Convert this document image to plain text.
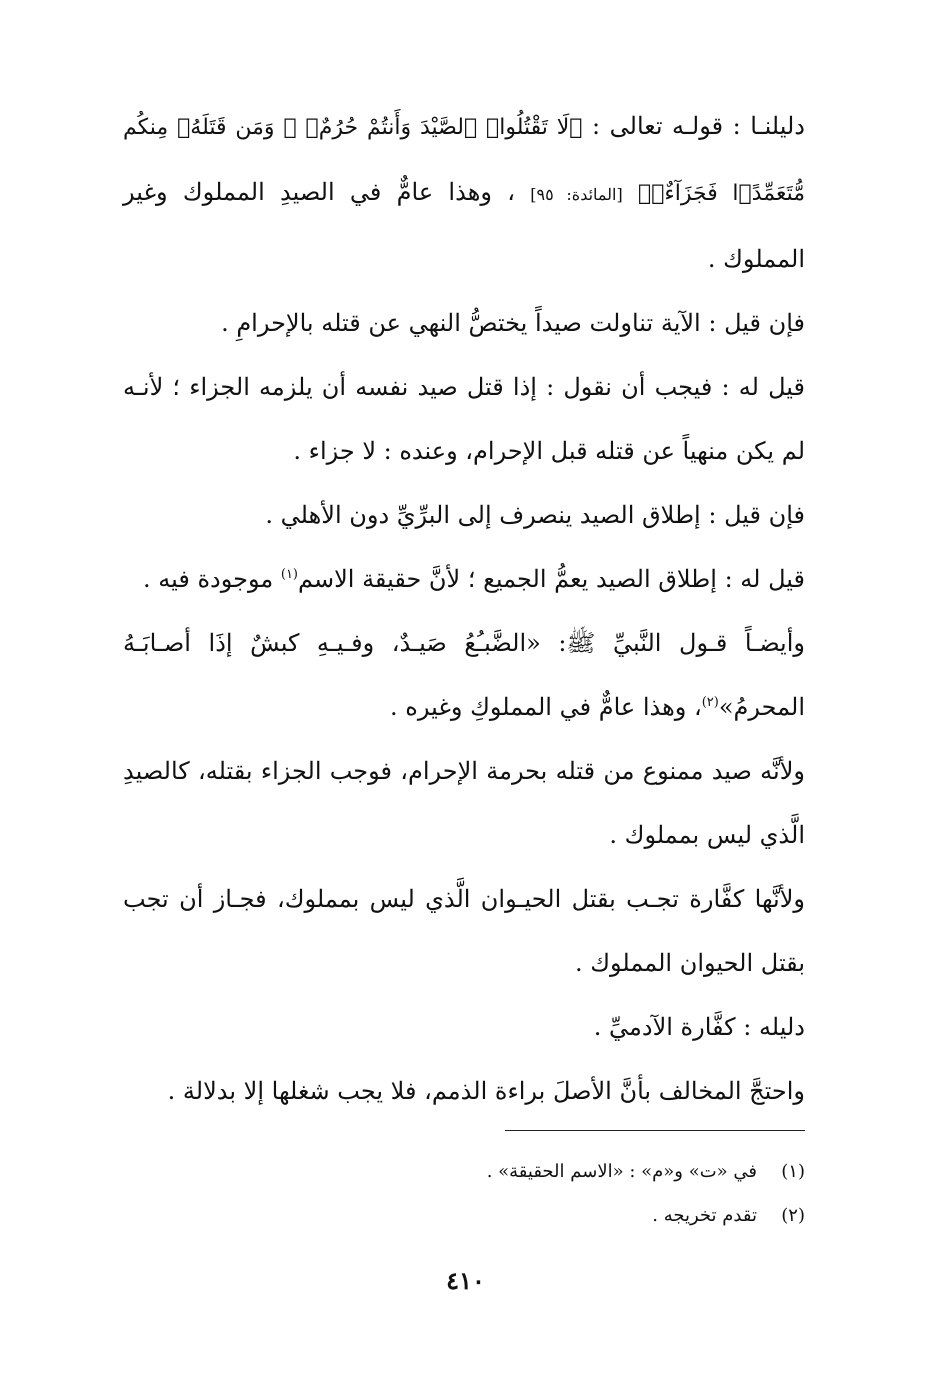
دليلنـا : قولـه تعالى : ﴿لَا تَقْتُلُوا۟ ٱلصَّيْدَ وَأَنتُمْ حُرُمٌۭ ۚ وَمَن قَتَلَهُۥ مِنكُم مُّتَعَمِّدًۭا فَجَزَآءٌۭ﴾ [المائدة: ٩٥] ، وهذا عامٌّ في الصيدِ المملوك وغير المملوك .

فإن قيل : الآية تناولت صيداً يختصُّ النهي عن قتله بالإحرامِ .

قيل له : فيجب أن نقول : إذا قتل صيد نفسه أن يلزمه الجزاء ؛ لأنـه لم يكن منهياً عن قتله قبل الإحرام، وعنده : لا جزاء .

فإن قيل : إطلاق الصيد ينصرف إلى البرِّيِّ دون الأهلي .

قيل له : إطلاق الصيد يعمُّ الجميع ؛ لأنَّ حقيقة الاسم$^{(١)}$ موجودة فيه .

وأيضـاً قـول النَّبيِّ ﷺ: «الضَّبـُعُ صَيـدٌ، وفـيـهِ كبشٌ إذَا أصـابَـهُ المحرمُ»$^{(٢)}$، وهذا عامٌّ في المملوكِ وغيره .

ولأنَّه صيد ممنوع من قتله بحرمة الإحرام، فوجب الجزاء بقتله، كالصيدِ الَّذي ليس بمملوك .

ولأنَّها كفَّارة تجـب بقتل الحيـوان الَّذي ليس بمملوك، فجـاز أن تجب بقتل الحيوان المملوك .

دليله : كفَّارة الآدميِّ .

واحتجَّ المخالف بأنَّ الأصلَ براءة الذمم، فلا يجب شغلها إلا بدلالة .

(١)
في «ت» و«م» : «الاسم الحقيقة» .
(٢)
تقدم تخريجه .
٤١٠
